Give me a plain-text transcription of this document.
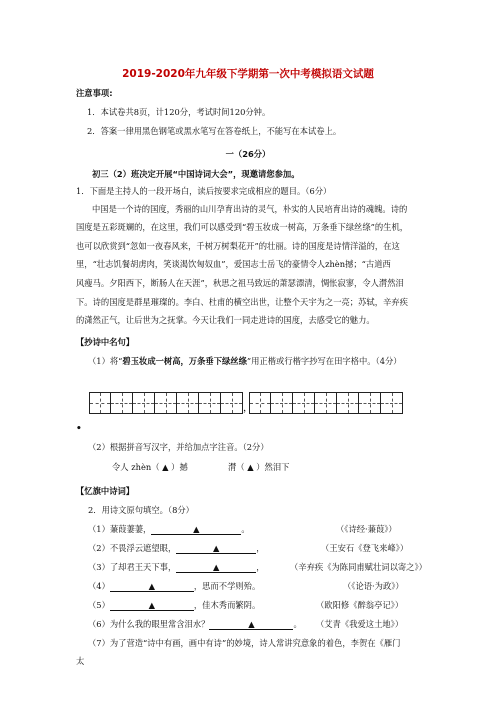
2019-2020年九年级下学期第一次中考模拟语文试题
注意事项:
1．本试卷共8页，计120分，考试时间120分钟。
2．答案一律用黑色钢笔或黑水笔写在答卷纸上，不能写在本试卷上。
一（26分）
初三（2）班决定开展“中国诗词大会”，现邀请您参加。
1．下面是主持人的一段开场白，读后按要求完成相应的题目。（6分）
中国是一个诗的国度，秀丽的山川孕育出诗的灵气，朴实的人民培育出诗的魂魄。诗的
国度是五彩斑斓的，在这里，我们可以感受到“碧玉妆成一树高，万条垂下绿丝绦”的生机，
也可以欣赏到“忽如一夜春风来，千树万树梨花开”的壮丽。诗的国度是诗情洋溢的，在这
里，“壮志饥餐胡虏肉，笑谈渴饮匈奴血”，爱国志士岳飞的豪情令人zhèn撼；“古道西
风瘦马。夕阳西下，断肠人在天涯”，秋思之祖马致远的萧瑟漂清，惆怅寂寥，令人潸然泪
下。诗的国度是群星璀璨的。李白、杜甫的横空出世，让整个天宇为之一亮；苏轼，辛弃疾
的潇然正气，让后世为之抚掌。今天让我们一同走进诗的国度，去感受它的魅力。
【抄诗中名句】
（1）将“碧玉妆成一树高，万条垂下绿丝绦”用正楷或行楷字抄写在田字格中。（4分）
，
•
（2）根据拼音写汉字，并给加点字注音。（2分）
令人 zhèn（ ▲ ）撼	潸（ ▲ ）然泪下
【忆旗中诗词】
2．用诗文原句填空。（8分）
（1）蒹葭萋萋，	▲	。	（《诗经·蒹葭》）
（2）不畏浮云遮望眼，	▲	，	（王安石《登飞来峰》）
（3）了却君王天下事，	▲	，	（辛弃疾《为陈同甫赋壮词以寄之》）
（4）	▲	，思而不学则殆。	（《论语·为政》）
（5）	▲	，佳木秀而繁阴。	（欧阳修《醉翁亭记》）
（6）为什么我的眼里常含泪水？	▲	。 （艾青《我爱这土地》）
（7）为了营造“诗中有画，画中有诗”的妙境，诗人常讲究意象的着色，李贺在《雁门
太
